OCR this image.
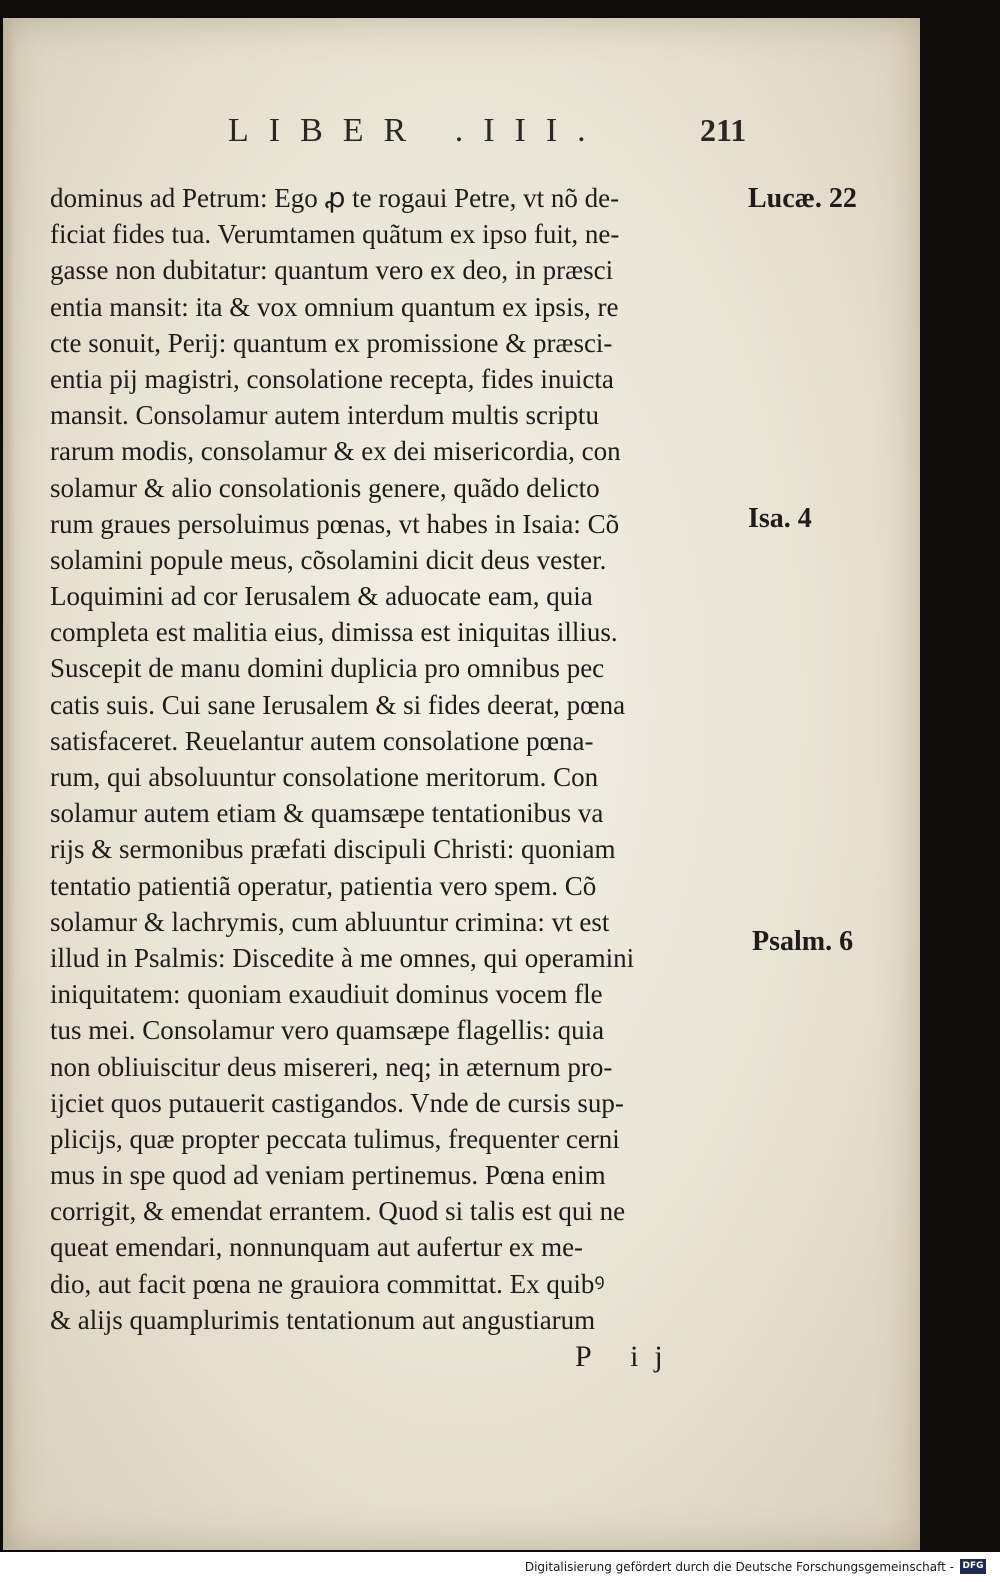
LIBER .III.	211
dominus ad Petrum: Ego ꝓ te rogaui Petre, vt nõ de-
ficiat fides tua. Verumtamen quãtum ex ipso fuit, ne-
gasse non dubitatur: quantum vero ex deo, in præsci
entia mansit: ita & vox omnium quantum ex ipsis, re
cte sonuit, Perij: quantum ex promissione & præsci-
entia pij magistri, consolatione recepta, fides inuicta
mansit. Consolamur autem interdum multis scriptu
rarum modis, consolamur & ex dei misericordia, con
solamur & alio consolationis genere, quãdo delicto
rum graues persoluimus pœnas, vt habes in Isaia: Cõ
solamini popule meus, cõsolamini dicit deus vester.
Loquimini ad cor Ierusalem & aduocate eam, quia
completa est malitia eius, dimissa est iniquitas illius.
Suscepit de manu domini duplicia pro omnibus pec
catis suis. Cui sane Ierusalem & si fides deerat, pœna
satisfaceret. Reuelantur autem consolatione pœna-
rum, qui absoluuntur consolatione meritorum. Con
solamur autem etiam & quamsæpe tentationibus va
rijs & sermonibus præfati discipuli Christi: quoniam
tentatio patientiã operatur, patientia vero spem. Cõ
solamur & lachrymis, cum abluuntur crimina: vt est
illud in Psalmis: Discedite à me omnes, qui operamini
iniquitatem: quoniam exaudiuit dominus vocem fle
tus mei. Consolamur vero quamsæpe flagellis: quia
non obliuiscitur deus misereri, neq; in æternum pro-
ijciet quos putauerit castigandos. Vnde de cursis sup-
plicijs, quæ propter peccata tulimus, frequenter cerni
mus in spe quod ad veniam pertinemus. Pœna enim
corrigit, & emendat errantem. Quod si talis est qui ne
queat emendari, nonnunquam aut aufertur ex me-
dio, aut facit pœna ne grauiora committat. Ex quibꝰ
& alijs quamplurimis tentationum aut angustiarum
Lucæ. 22
Isa. 4
Psalm. 6
P ij
Digitalisierung gefördert durch die Deutsche Forschungsgemeinschaft - DFG
